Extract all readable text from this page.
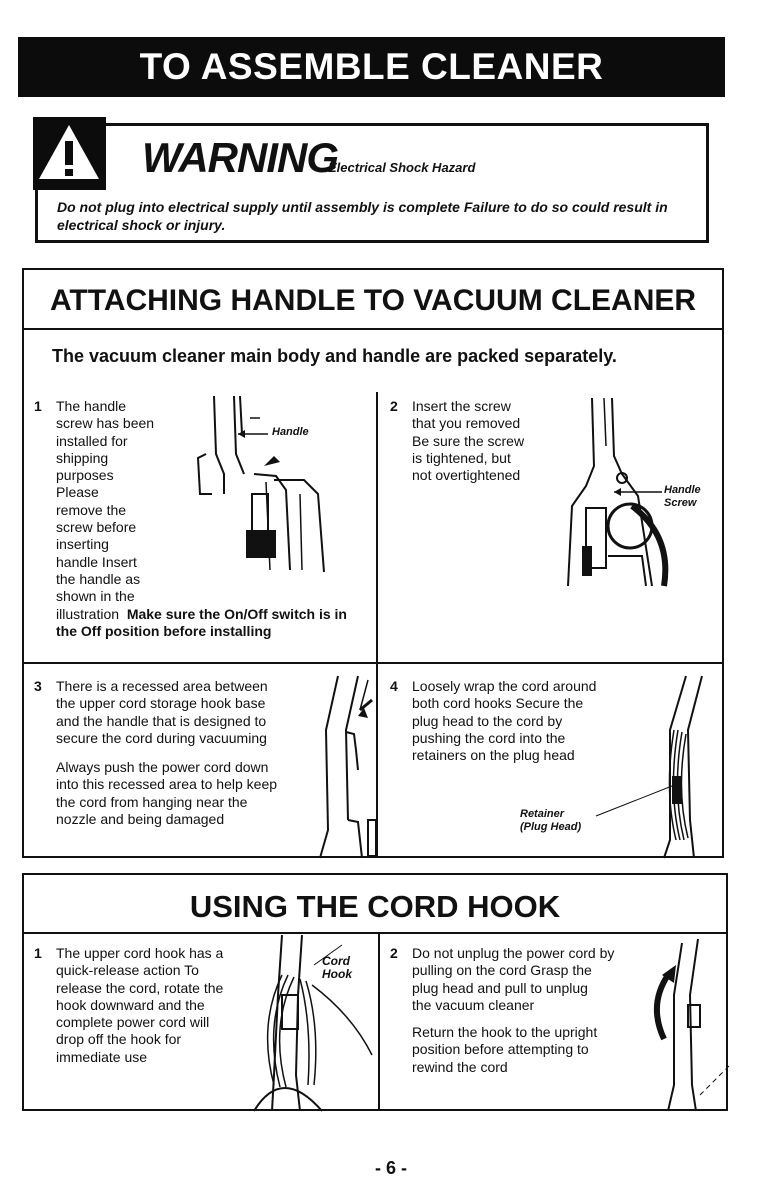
TO ASSEMBLE CLEANER
WARNING
Electrical Shock Hazard
Do not plug into electrical supply until assembly is complete Failure to do so could result in electrical shock or injury.
ATTACHING HANDLE TO VACUUM CLEANER
The vacuum cleaner main body and handle are packed separately.
1 The handle
screw has been
installed for
shipping
purposes
Please
remove the
screw before
inserting
handle Insert
the handle as
shown in the
illustration Make sure the On/Off switch is in the Off position before installing
Handle
2 Insert the screw
that you removed
Be sure the screw
is tightened, but
not overtightened
Handle
Screw
3 There is a recessed area between
the upper cord storage hook base
and the handle that is designed to
secure the cord during vacuuming
Always push the power cord down
into this recessed area to help keep
the cord from hanging near the
nozzle and being damaged
4 Loosely wrap the cord around
both cord hooks Secure the
plug head to the cord by
pushing the cord into the
retainers on the plug head
Retainer
(Plug Head)
USING THE CORD HOOK
1 The upper cord hook has a
quick-release action To
release the cord, rotate the
hook downward and the
complete power cord will
drop off the hook for
immediate use
Cord
Hook
2 Do not unplug the power cord by
pulling on the cord Grasp the
plug head and pull to unplug
the vacuum cleaner
Return the hook to the upright
position before attempting to
rewind the cord
- 6 -
